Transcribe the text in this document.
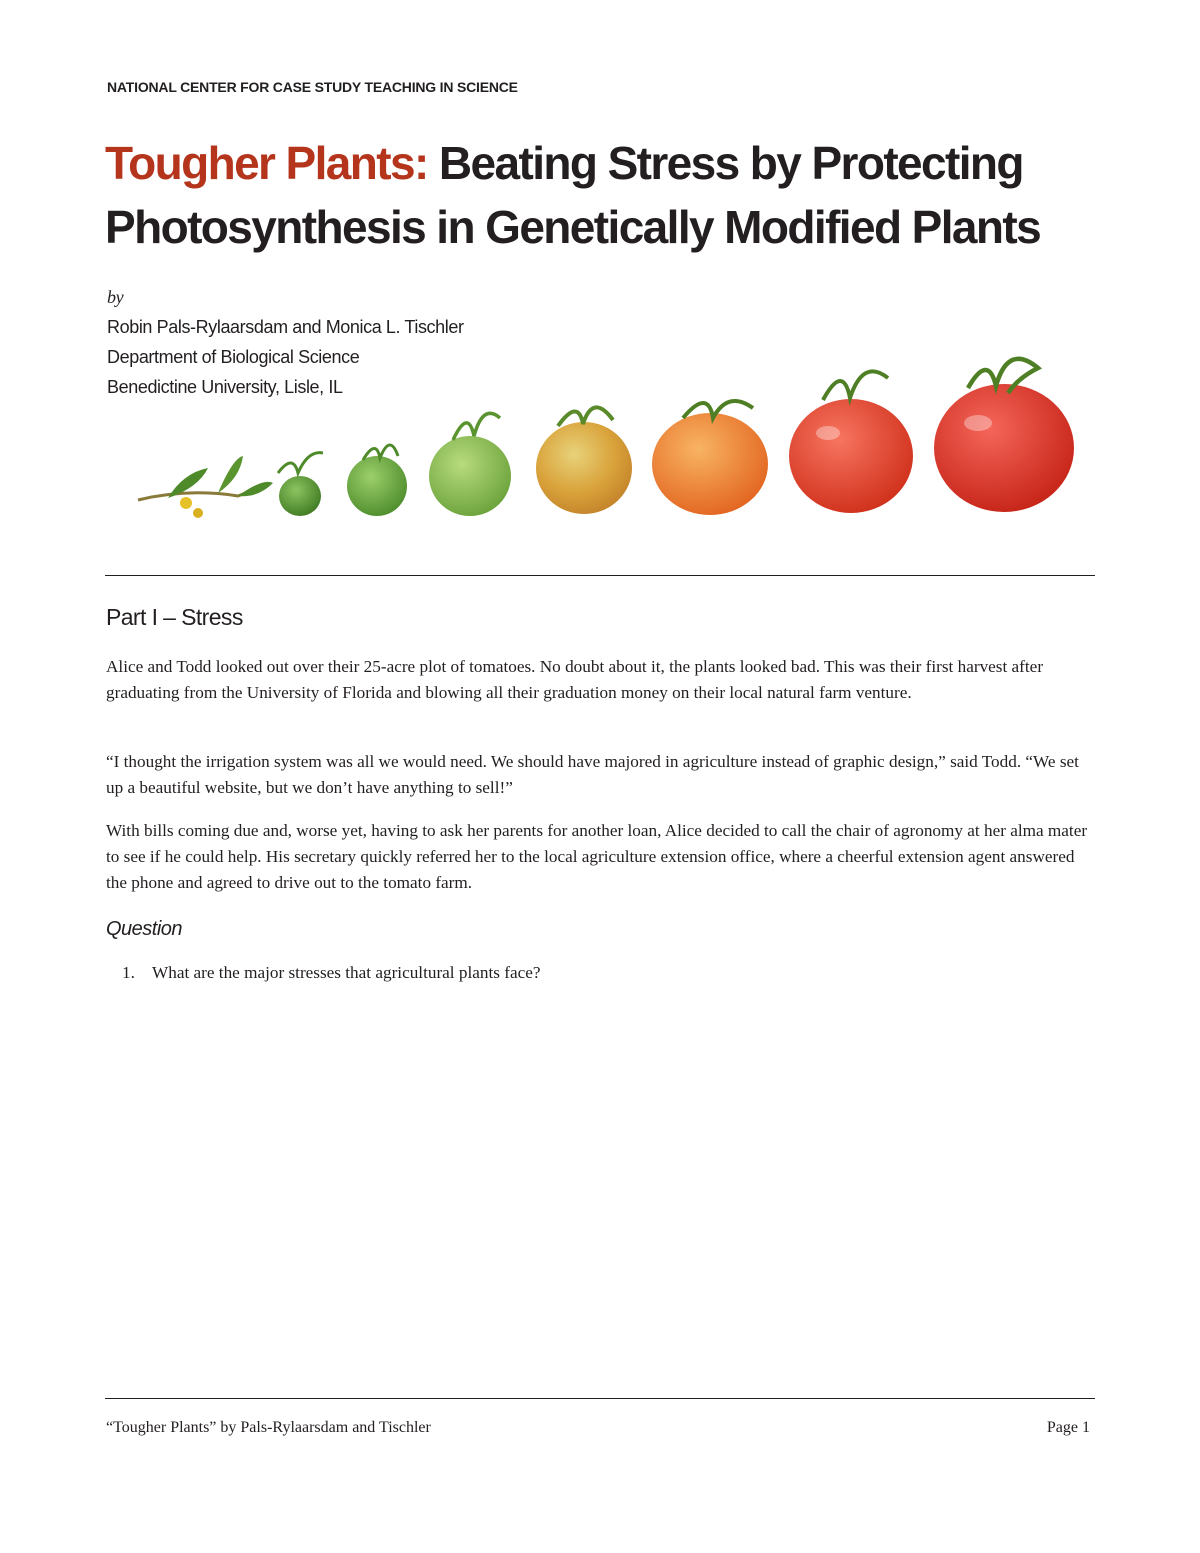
NATIONAL CENTER FOR CASE STUDY TEACHING IN SCIENCE
Tougher Plants: Beating Stress by Protecting Photosynthesis in Genetically Modified Plants
by
Robin Pals-Rylaarsdam and Monica L. Tischler
Department of Biological Science
Benedictine University, Lisle, IL
Part I – Stress

Alice and Todd looked out over their 25-acre plot of tomatoes. No doubt about it, the plants looked bad. This was their first harvest after graduating from the University of Florida and blowing all their graduation money on their local natural farm venture.

“I thought the irrigation system was all we would need. We should have majored in agriculture instead of graphic design,” said Todd. “We set up a beautiful website, but we don’t have anything to sell!”

With bills coming due and, worse yet, having to ask her parents for another loan, Alice decided to call the chair of agronomy at her alma mater to see if he could help. His secretary quickly referred her to the local agriculture extension office, where a cheerful extension agent answered the phone and agreed to drive out to the tomato farm.

Question
1. What are the major stresses that agricultural plants face?
“Tougher Plants” by Pals-Rylaarsdam and Tischler	Page 1
